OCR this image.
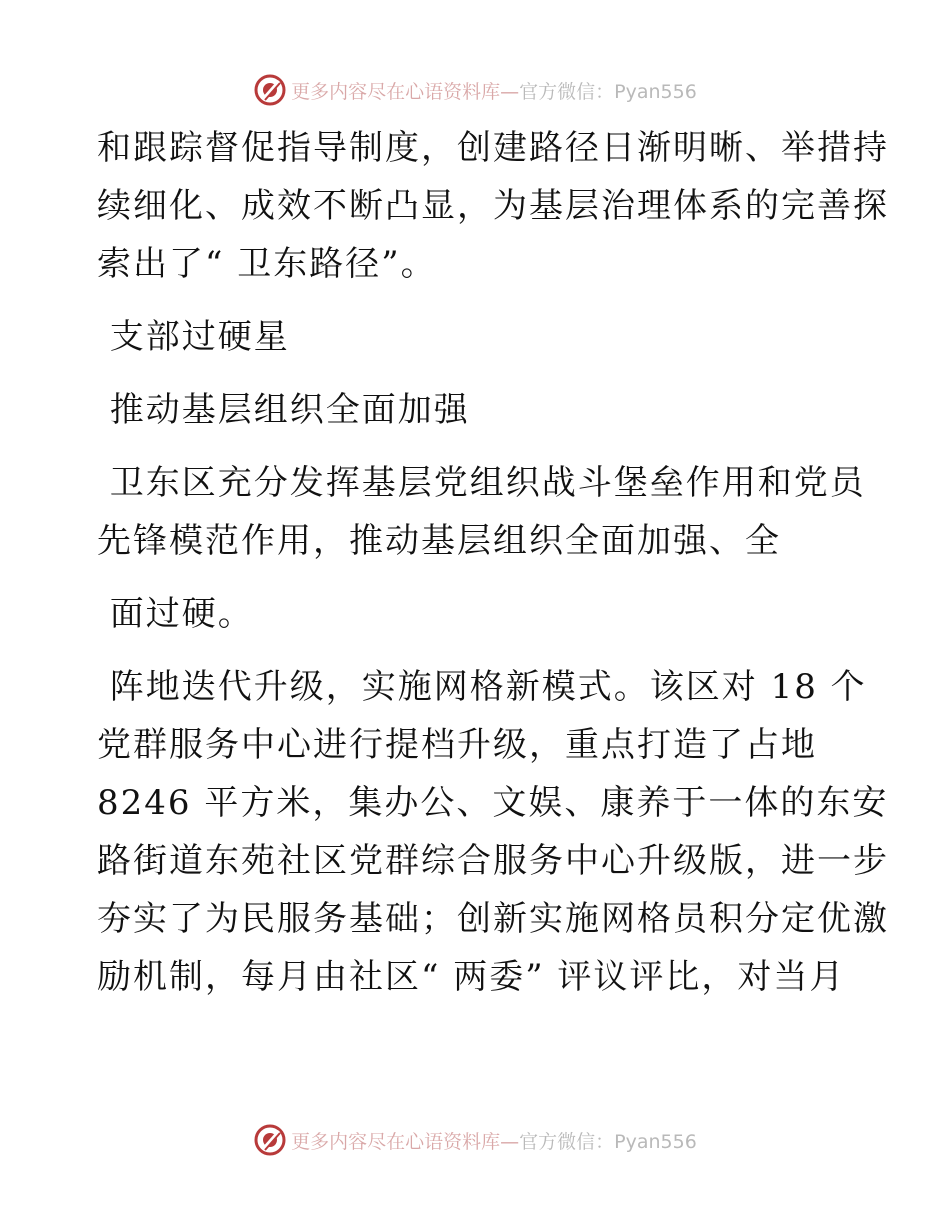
更多内容尽在心语资料库—官方微信：Pyan556

和跟踪督促指导制度，创建路径日渐明晰、举措持

续细化、成效不断凸显，为基层治理体系的完善探

索出了“ 卫东路径”。

支部过硬星

推动基层组织全面加强

卫东区充分发挥基层党组织战斗堡垒作用和党员

先锋模范作用，推动基层组织全面加强、全

面过硬。

阵地迭代升级，实施网格新模式。该区对 18 个

党群服务中心进行提档升级，重点打造了占地

8246 平方米，集办公、文娱、康养于一体的东安

路街道东苑社区党群综合服务中心升级版，进一步

夯实了为民服务基础；创新实施网格员积分定优激

励机制，每月由社区“ 两委” 评议评比，对当月

更多内容尽在心语资料库—官方微信：Pyan556
